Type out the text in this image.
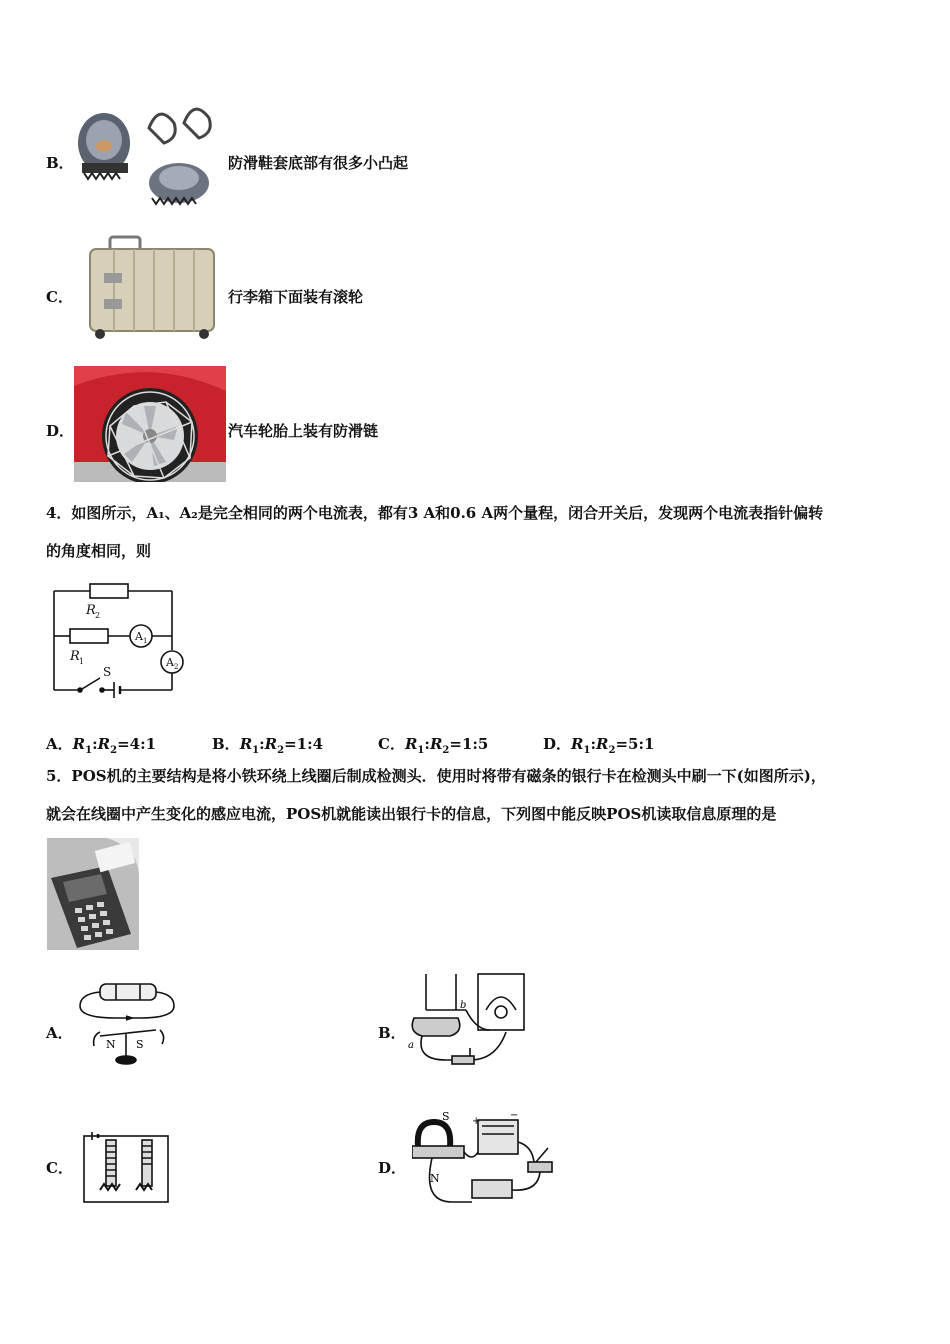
B．	防滑鞋套底部有很多小凸起
C．	行李箱下面装有滚轮
D．	汽车轮胎上装有防滑链
4．如图所示，A₁、A₂是完全相同的两个电流表，都有3 A和0.6 A两个量程，闭合开关后，发现两个电流表指针偏转
的角度相同，则
R 2
R 1
A 1
A 2
S
A．$R_1:R_2=4:1$	B．$R_1:R_2=1:4$	C．$R_1:R_2=1:5$	D．$R_1:R_2=5:1$
5．POS机的主要结构是将小铁环绕上线圈后制成检测头．使用时将带有磁条的银行卡在检测头中刷一下(如图所示)，
就会在线圈中产生变化的感应电流，POS机就能读出银行卡的信息，下列图中能反映POS机读取信息原理的是
A．
N S
B．
b
a
C．	D．
S
N
+
−
